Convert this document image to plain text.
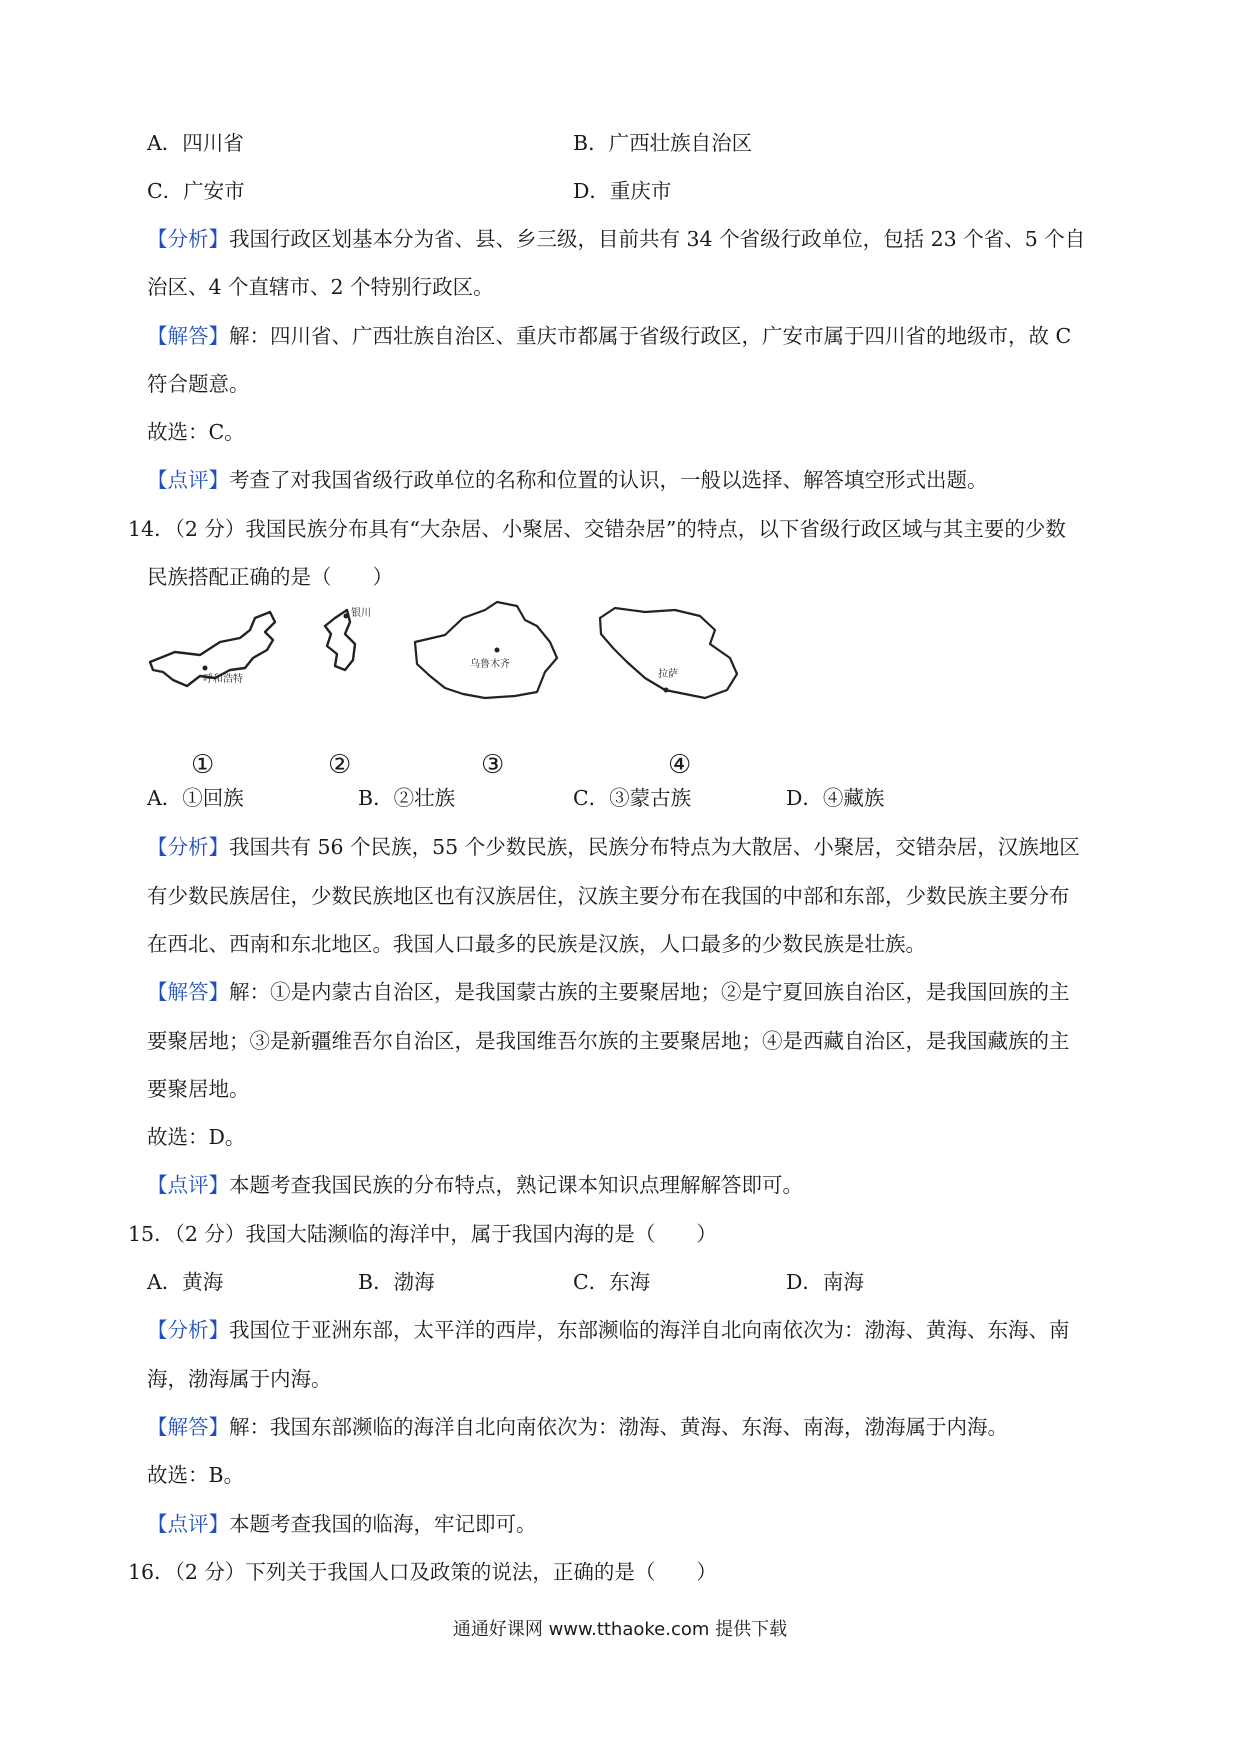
A．四川省	B．广西壮族自治区
C．广安市	D．重庆市
【分析】我国行政区划基本分为省、县、乡三级，目前共有 34 个省级行政单位，包括 23 个省、5 个自
治区、4 个直辖市、2 个特别行政区。
【解答】解：四川省、广西壮族自治区、重庆市都属于省级行政区，广安市属于四川省的地级市，故 C
符合题意。
故选：C。
【点评】考查了对我国省级行政单位的名称和位置的认识，一般以选择、解答填空形式出题。
14．（2 分）我国民族分布具有“大杂居、小聚居、交错杂居”的特点，以下省级行政区域与其主要的少数
民族搭配正确的是（　　）
呼和浩特
银川
乌鲁木齐
拉萨
①	②	③	④
A．①回族	B．②壮族	C．③蒙古族	D．④藏族
【分析】我国共有 56 个民族，55 个少数民族，民族分布特点为大散居、小聚居，交错杂居，汉族地区
有少数民族居住，少数民族地区也有汉族居住，汉族主要分布在我国的中部和东部，少数民族主要分布
在西北、西南和东北地区。我国人口最多的民族是汉族，人口最多的少数民族是壮族。
【解答】解：①是内蒙古自治区，是我国蒙古族的主要聚居地；②是宁夏回族自治区，是我国回族的主
要聚居地；③是新疆维吾尔自治区，是我国维吾尔族的主要聚居地；④是西藏自治区，是我国藏族的主
要聚居地。
故选：D。
【点评】本题考查我国民族的分布特点，熟记课本知识点理解解答即可。
15．（2 分）我国大陆濒临的海洋中，属于我国内海的是（　　）
A．黄海	B．渤海	C．东海	D．南海
【分析】我国位于亚洲东部，太平洋的西岸，东部濒临的海洋自北向南依次为：渤海、黄海、东海、南
海，渤海属于内海。
【解答】解：我国东部濒临的海洋自北向南依次为：渤海、黄海、东海、南海，渤海属于内海。
故选：B。
【点评】本题考查我国的临海，牢记即可。
16．（2 分）下列关于我国人口及政策的说法，正确的是（　　）
通通好课网 www.tthaoke.com 提供下载
